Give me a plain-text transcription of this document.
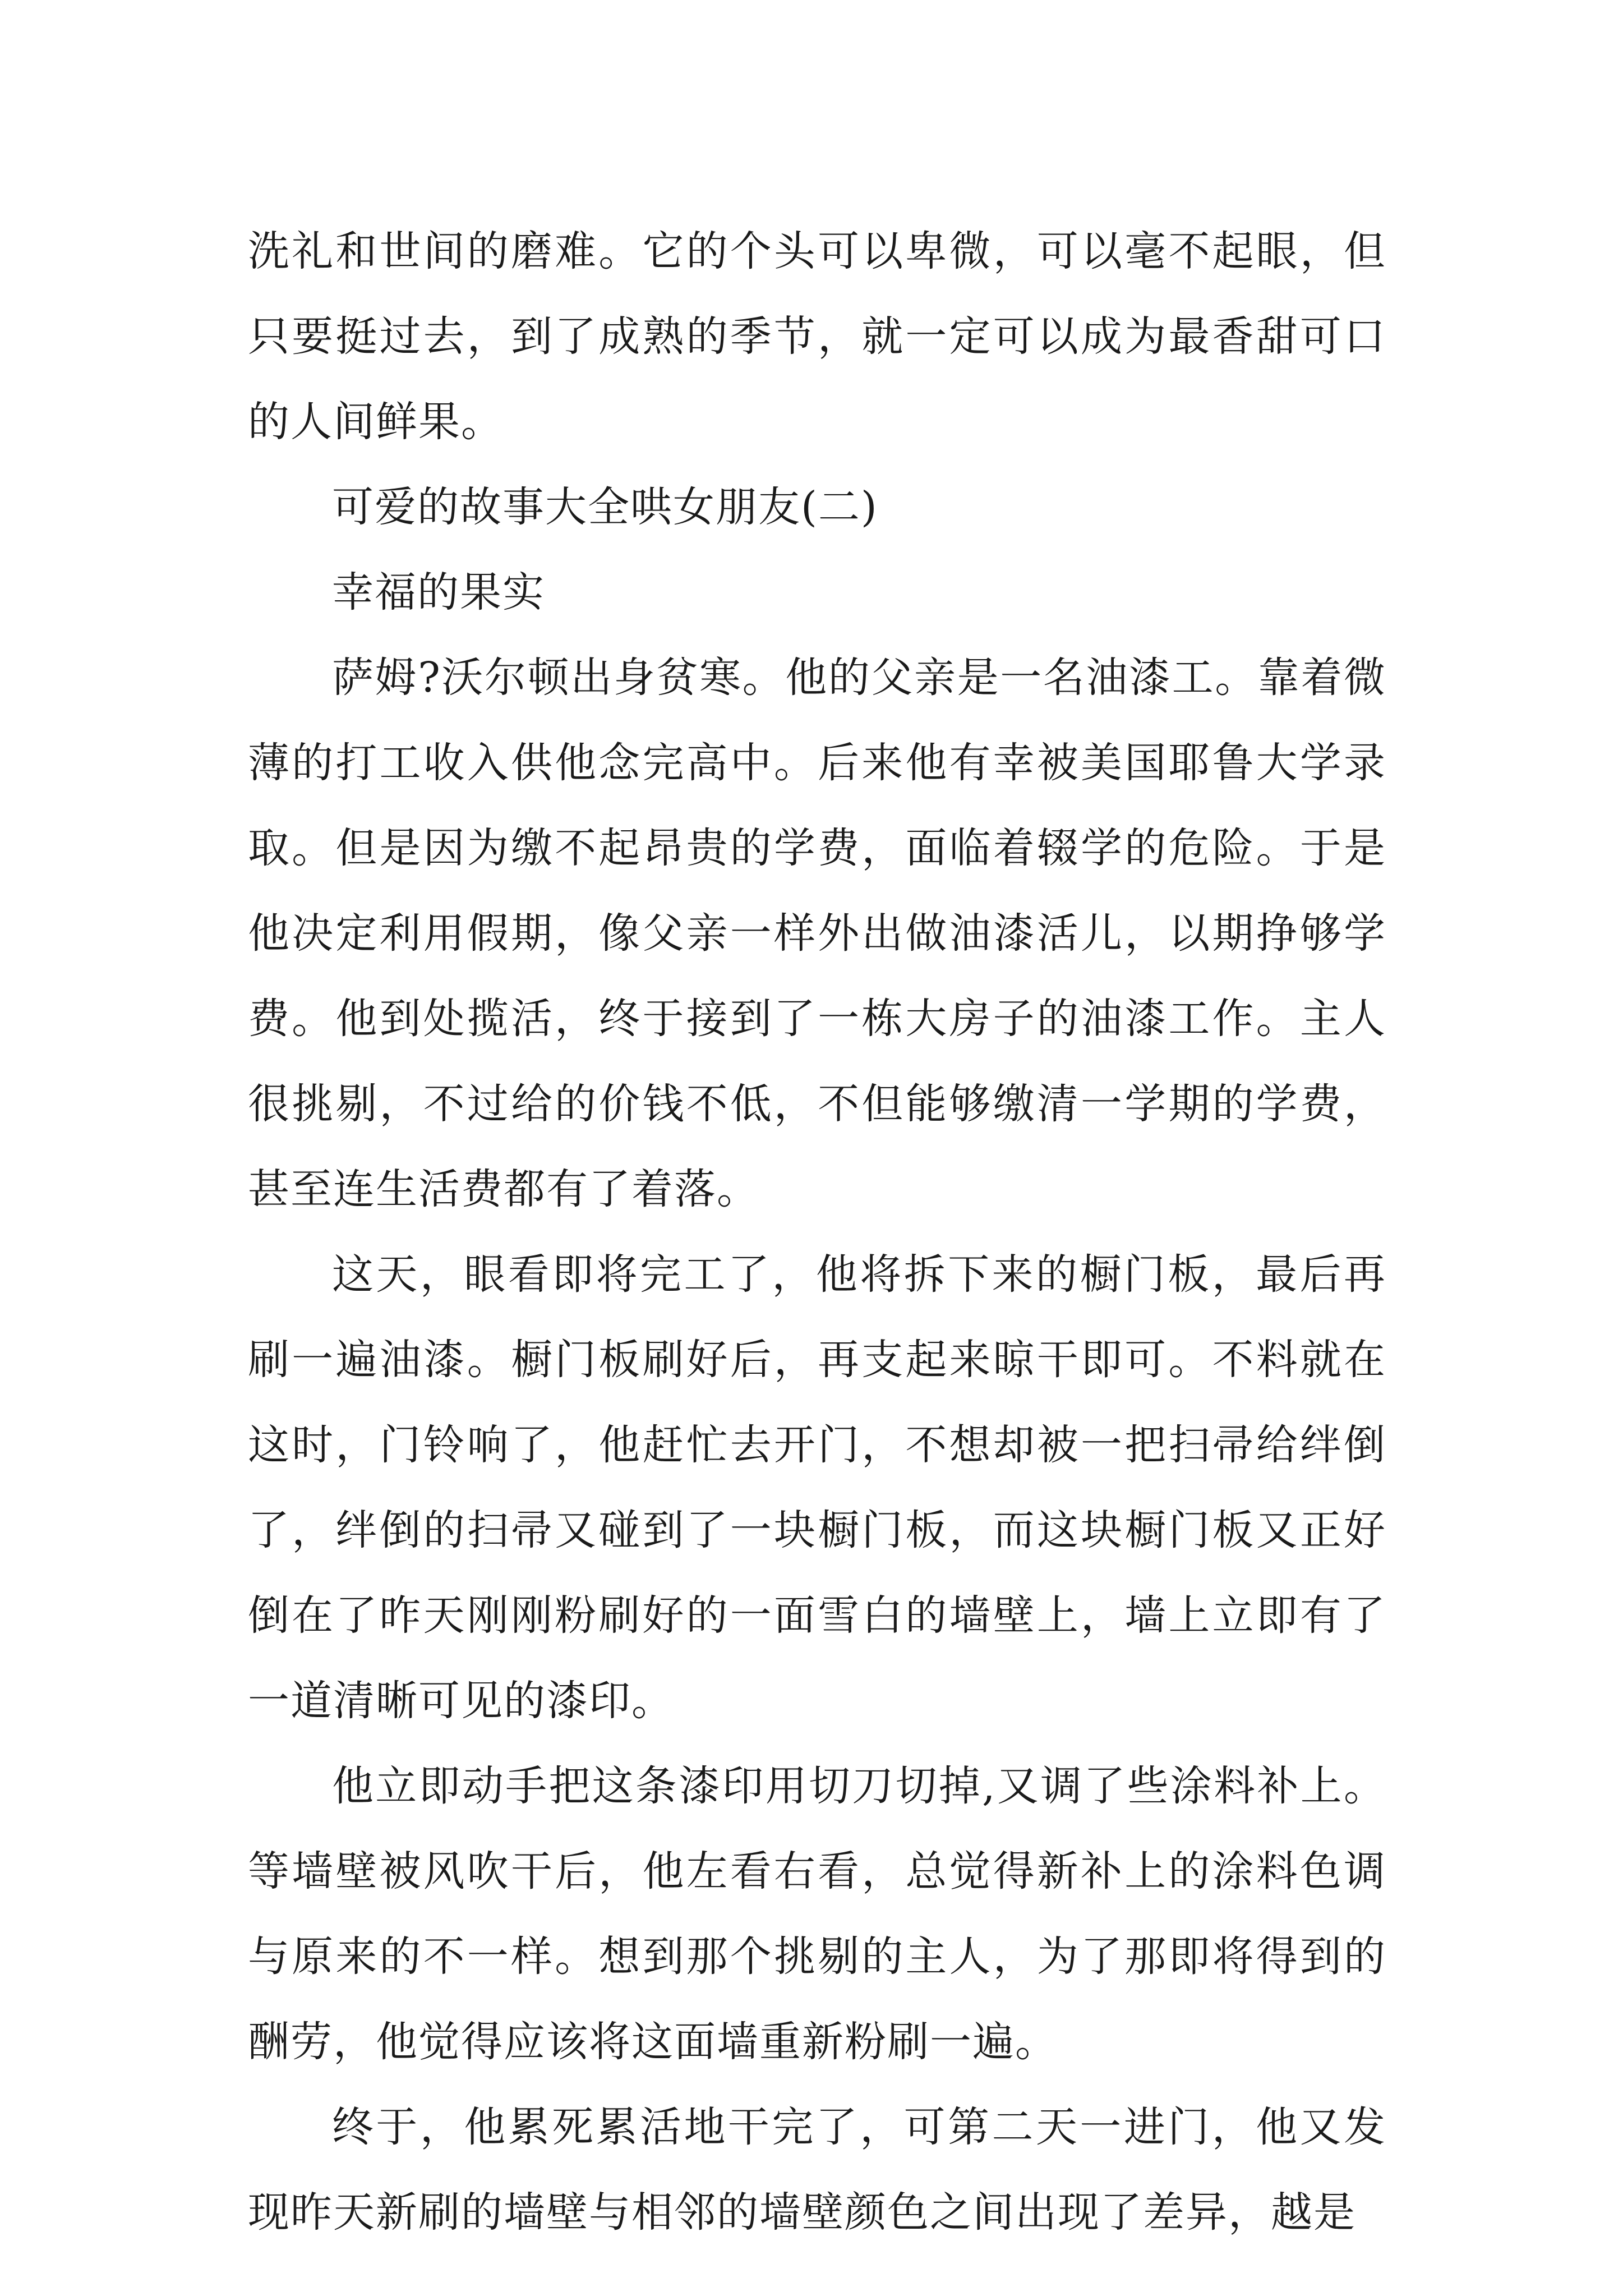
洗礼和世间的磨难。它的个头可以卑微，可以毫不起眼，但只要挺过去，到了成熟的季节，就一定可以成为最香甜可口的人间鲜果。

可爱的故事大全哄女朋友(二)

幸福的果实

萨姆?沃尔顿出身贫寒。他的父亲是一名油漆工。靠着微薄的打工收入供他念完高中。后来他有幸被美国耶鲁大学录取。但是因为缴不起昂贵的学费，面临着辍学的危险。于是他决定利用假期，像父亲一样外出做油漆活儿，以期挣够学费。他到处揽活，终于接到了一栋大房子的油漆工作。主人很挑剔，不过给的价钱不低，不但能够缴清一学期的学费，甚至连生活费都有了着落。

这天，眼看即将完工了，他将拆下来的橱门板，最后再刷一遍油漆。橱门板刷好后，再支起来晾干即可。不料就在这时，门铃响了，他赶忙去开门，不想却被一把扫帚给绊倒了，绊倒的扫帚又碰到了一块橱门板，而这块橱门板又正好倒在了昨天刚刚粉刷好的一面雪白的墙壁上，墙上立即有了一道清晰可见的漆印。

他立即动手把这条漆印用切刀切掉,又调了些涂料补上。等墙壁被风吹干后，他左看右看，总觉得新补上的涂料色调与原来的不一样。想到那个挑剔的主人，为了那即将得到的酬劳，他觉得应该将这面墙重新粉刷一遍。

终于，他累死累活地干完了，可第二天一进门，他又发现昨天新刷的墙壁与相邻的墙壁颜色之间出现了差异，越是
